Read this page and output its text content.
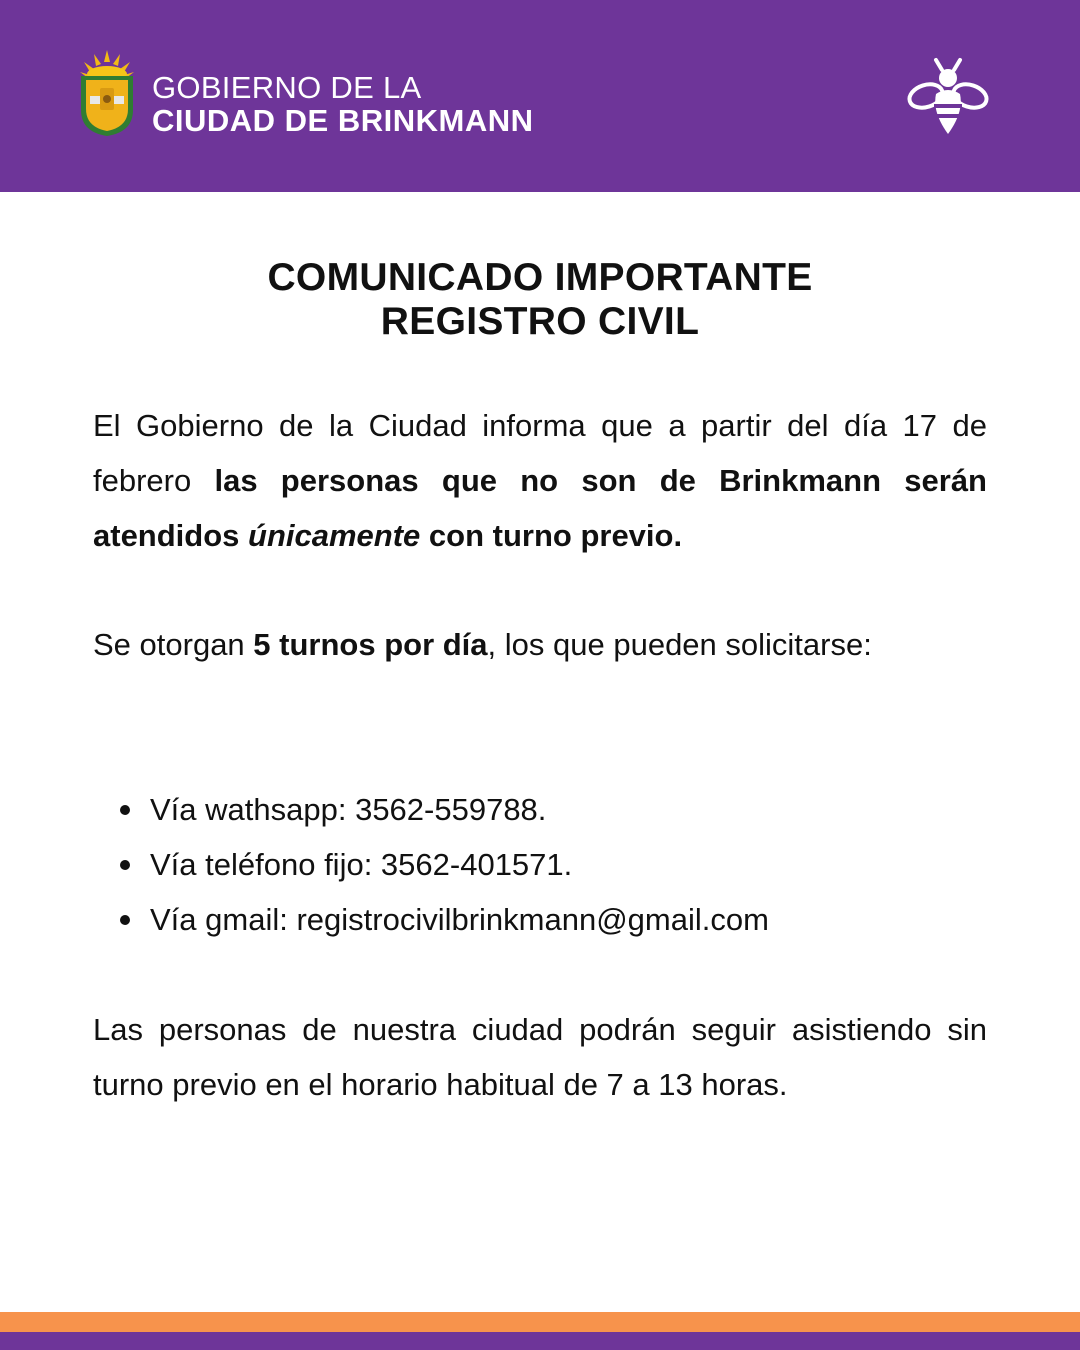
GOBIERNO DE LA
CIUDAD DE BRINKMANN
COMUNICADO IMPORTANTE
REGISTRO CIVIL

El Gobierno de la Ciudad informa que a partir del día 17 de febrero las personas que no son de Brinkmann serán atendidos únicamente con turno previo.

Se otorgan 5 turnos por día, los que pueden solicitarse:

Vía wathsapp: 3562-559788.
Vía teléfono fijo: 3562-401571.
Vía gmail: registrocivilbrinkmann@gmail.com

Las personas de nuestra ciudad podrán seguir asistiendo sin turno previo en el horario habitual de 7 a 13 horas.
